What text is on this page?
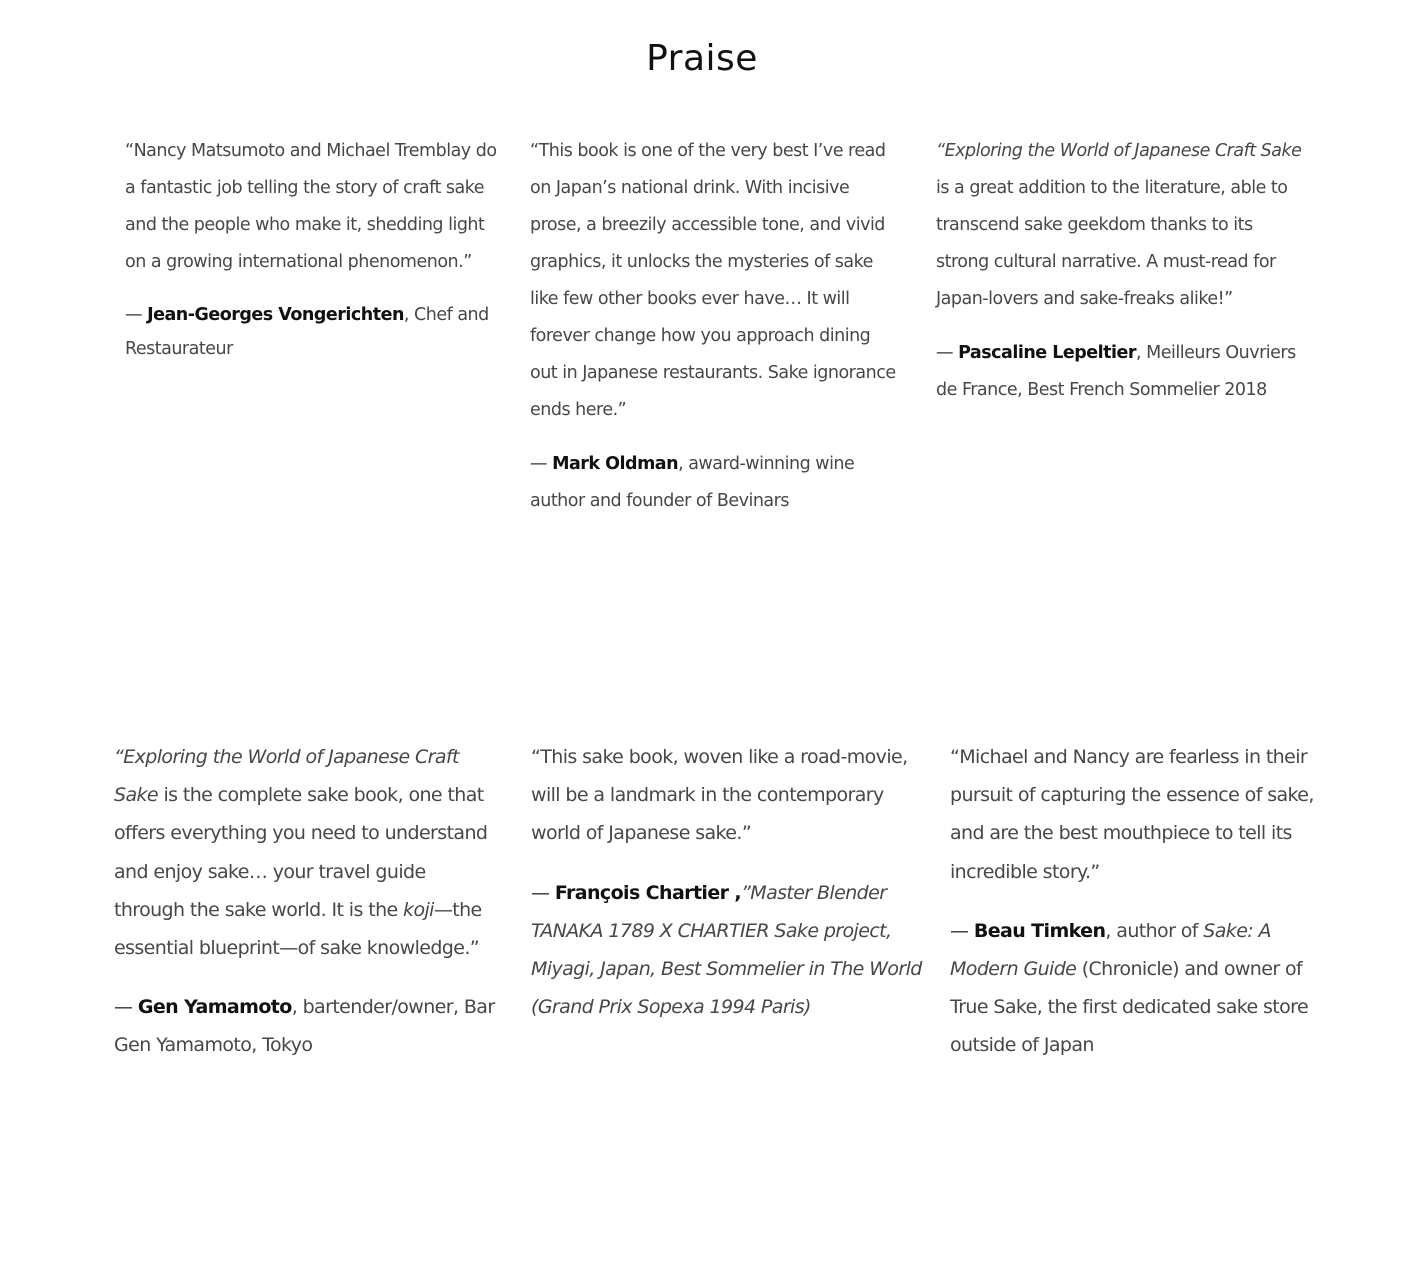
Praise

“Nancy Matsumoto and Michael Tremblay do a fantastic job telling the story of craft sake and the people who make it, shedding light on a growing international phenomenon.”

— Jean-Georges Vongerichten, Chef and Restaurateur

“This book is one of the very best I’ve read on Japan’s national drink. With incisive prose, a breezily accessible tone, and vivid graphics, it unlocks the mysteries of sake like few other books ever have… It will forever change how you approach dining out in Japanese restaurants. Sake ignorance ends here.”

— Mark Oldman, award-winning wine author and founder of Bevinars

“Exploring the World of Japanese Craft Sake is a great addition to the literature, able to transcend sake geekdom thanks to its strong cultural narrative. A must-read for Japan-lovers and sake-freaks alike!”

— Pascaline Lepeltier, Meilleurs Ouvriers de France, Best French Sommelier 2018

“Exploring the World of Japanese Craft Sake is the complete sake book, one that offers everything you need to understand and enjoy sake… your travel guide through the sake world. It is the koji—the essential blueprint—of sake knowledge.”

— Gen Yamamoto, bartender/owner, Bar Gen Yamamoto, Tokyo

“This sake book, woven like a road-movie, will be a landmark in the contemporary world of Japanese sake.”

— François Chartier ,”Master Blender TANAKA 1789 X CHARTIER Sake project, Miyagi, Japan, Best Sommelier in The World (Grand Prix Sopexa 1994 Paris)

“Michael and Nancy are fearless in their pursuit of capturing the essence of sake, and are the best mouthpiece to tell its incredible story.”

— Beau Timken, author of Sake: A Modern Guide (Chronicle) and owner of True Sake, the first dedicated sake store outside of Japan
